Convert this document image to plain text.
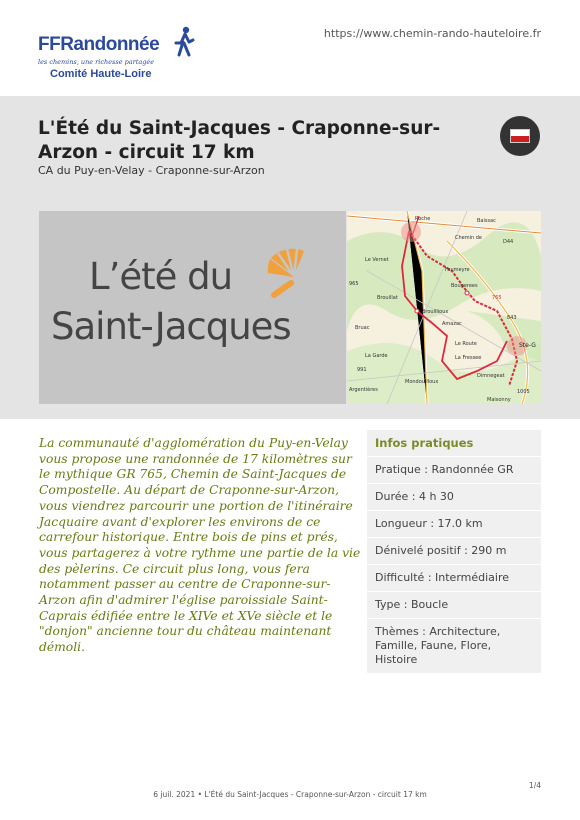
FFRandonnée
les chemins, une richesse partagée
Comité Haute-Loire
https://www.chemin-rando-hauteloire.fr
L'Été du Saint-Jacques - Craponne-sur-Arzon - circuit 17 km
CA du Puy-en-Velay - Craponne-sur-Arzon
L’été du
Saint-Jacques
Roche	Baissac
Chemin de
D44
Le Vernet
Faumeyre
965
Brouillat
Bougerees
Brouillioux
Amazac
Ste-G
Bruac
La Garde
991
Le Route
La Fressee
Mondouilloux
Dimnegeat
Argentières
Maisonny
765
843
1005

La communauté d'agglomération du Puy-en-Velay vous propose une randonnée de 17 kilomètres sur le mythique GR 765, Chemin de Saint-Jacques de Compostelle. Au départ de Craponne-sur-Arzon, vous viendrez parcourir une portion de l'itinéraire Jacquaire avant d'explorer les environs de ce carrefour historique. Entre bois de pins et prés, vous partagerez à votre rythme une partie de la vie des pèlerins. Ce circuit plus long, vous fera notamment passer au centre de Craponne-sur-Arzon afin d'admirer l'église paroissiale Saint-Caprais édifiée entre le XIVe et XVe siècle et le "donjon" ancienne tour du château maintenant démoli.

Infos pratiques
Pratique : Randonnée GR
Durée : 4 h 30
Longueur : 17.0 km
Dénivelé positif : 290 m
Difficulté : Intermédiaire
Type : Boucle
Thèmes : Architecture, Famille, Faune, Flore, Histoire
1/4
6 juil. 2021 • L'Été du Saint-Jacques - Craponne-sur-Arzon - circuit 17 km
